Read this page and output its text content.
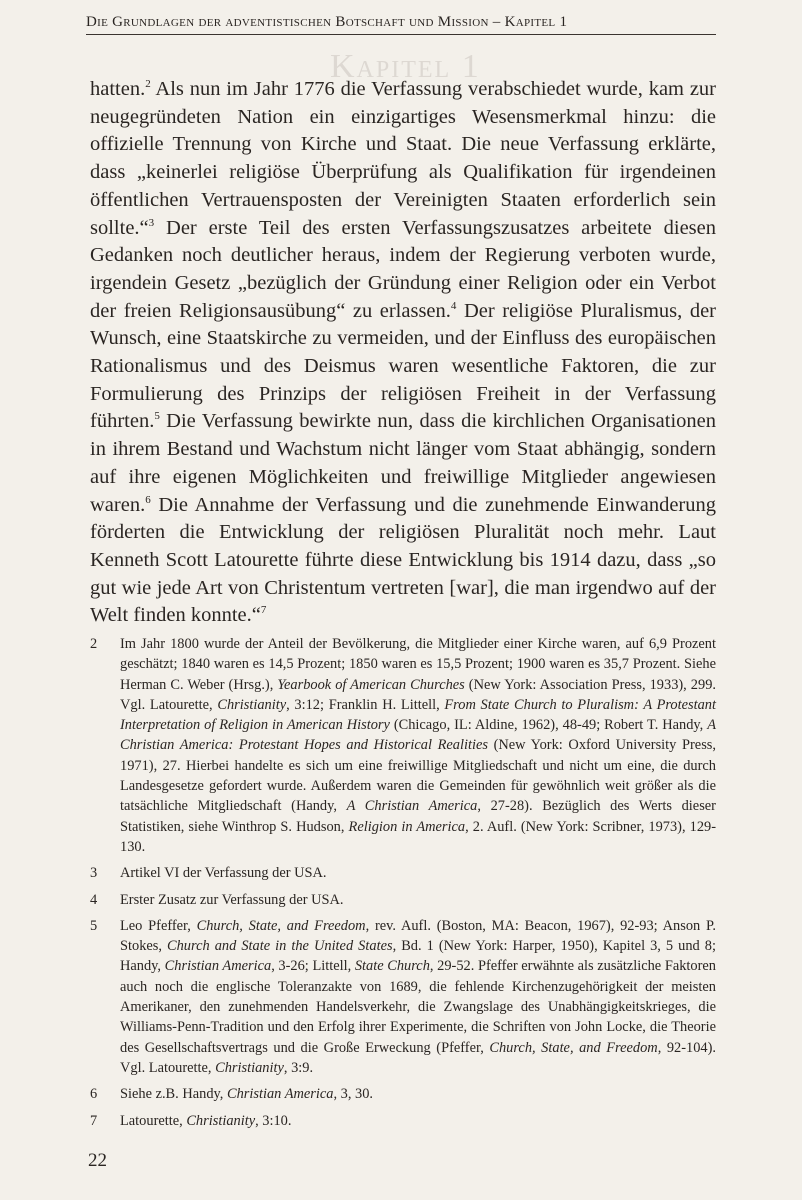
Die Grundlagen der adventistischen Botschaft und Mission – Kapitel 1
Kapitel 1

hatten.$^2$ Als nun im Jahr 1776 die Verfassung verabschiedet wurde, kam zur neugegründeten Nation ein einzigartiges Wesensmerkmal hinzu: die offizielle Trennung von Kirche und Staat. Die neue Verfassung erklärte, dass „keinerlei religiöse Überprüfung als Qualifikation für irgendeinen öffentlichen Vertrauensposten der Vereinigten Staaten erforderlich sein sollte.“$^3$ Der erste Teil des ersten Verfassungszusatzes arbeitete diesen Gedanken noch deutlicher heraus, indem der Regierung verboten wurde, irgendein Gesetz „bezüglich der Gründung einer Religion oder ein Verbot der freien Religionsausübung“ zu erlassen.$^4$ Der religiöse Pluralismus, der Wunsch, eine Staatskirche zu vermeiden, und der Einfluss des europäischen Rationalismus und des Deismus waren wesentliche Faktoren, die zur Formulierung des Prinzips der religiösen Freiheit in der Verfassung führten.$^5$ Die Verfassung bewirkte nun, dass die kirchlichen Organisationen in ihrem Bestand und Wachstum nicht länger vom Staat abhängig, sondern auf ihre eigenen Möglichkeiten und freiwillige Mitglieder angewiesen waren.$^6$ Die Annahme der Verfassung und die zunehmende Einwanderung förderten die Entwicklung der religiösen Pluralität noch mehr. Laut Kenneth Scott Latourette führte diese Entwicklung bis 1914 dazu, dass „so gut wie jede Art von Christentum vertreten [war], die man irgendwo auf der Welt finden konnte.“$^7$

2	Im Jahr 1800 wurde der Anteil der Bevölkerung, die Mitglieder einer Kirche waren, auf 6,9 Prozent geschätzt; 1840 waren es 14,5 Prozent; 1850 waren es 15,5 Prozent; 1900 waren es 35,7 Prozent. Siehe Herman C. Weber (Hrsg.), Yearbook of American Churches (New York: Association Press, 1933), 299. Vgl. Latourette, Christianity, 3:12; Franklin H. Littell, From State Church to Pluralism: A Protestant Interpretation of Religion in American History (Chicago, IL: Aldine, 1962), 48-49; Robert T. Handy, A Christian America: Protestant Hopes and Historical Realities (New York: Oxford University Press, 1971), 27. Hierbei handelte es sich um eine freiwillige Mitgliedschaft und nicht um eine, die durch Landesgesetze gefordert wurde. Außerdem waren die Gemeinden für gewöhnlich weit größer als die tatsächliche Mitgliedschaft (Handy, A Christian America, 27-28). Bezüglich des Werts dieser Statistiken, siehe Winthrop S. Hudson, Religion in America, 2. Aufl. (New York: Scribner, 1973), 129-130.
3	Artikel VI der Verfassung der USA.
4	Erster Zusatz zur Verfassung der USA.
5	Leo Pfeffer, Church, State, and Freedom, rev. Aufl. (Boston, MA: Beacon, 1967), 92-93; Anson P. Stokes, Church and State in the United States, Bd. 1 (New York: Harper, 1950), Kapitel 3, 5 und 8; Handy, Christian America, 3-26; Littell, State Church, 29-52. Pfeffer erwähnte als zusätzliche Faktoren auch noch die englische Toleranzakte von 1689, die fehlende Kirchenzugehörigkeit der meisten Amerikaner, den zunehmenden Handelsverkehr, die Zwangslage des Unabhängigkeitskrieges, die Williams-Penn-Tradition und den Erfolg ihrer Experimente, die Schriften von John Locke, die Theorie des Gesellschaftsvertrags und die Große Erweckung (Pfeffer, Church, State, and Freedom, 92-104). Vgl. Latourette, Christianity, 3:9.
6	Siehe z.B. Handy, Christian America, 3, 30.
7	Latourette, Christianity, 3:10.
22
